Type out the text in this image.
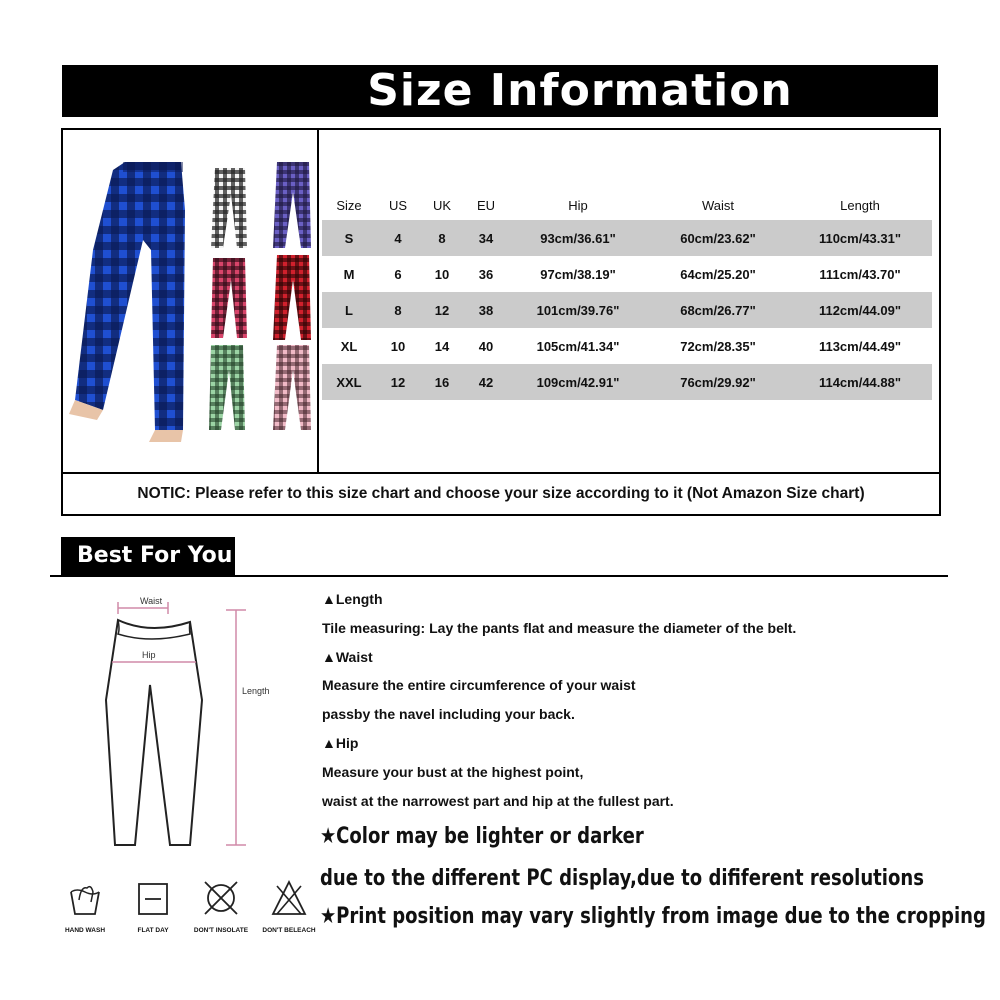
Size Information
NOTIC: Please refer to this size chart and choose your size according to it (Not Amazon Size chart)
Size	US	UK	EU	Hip	Waist	Length
S	4	8	34	93cm/36.61"	60cm/23.62"	110cm/43.31"
M	6	10	36	97cm/38.19"	64cm/25.20"	111cm/43.70"
L	8	12	38	101cm/39.76"	68cm/26.77"	112cm/44.09"
XL	10	14	40	105cm/41.34"	72cm/28.35"	113cm/44.49"
XXL	12	16	42	109cm/42.91"	76cm/29.92"	114cm/44.88"
Best For You
Waist
Hip
Length
HAND WASH	FLAT DAY	DON'T INSOLATE	DON'T BELEACH
▲Length
Tile measuring: Lay the pants flat and measure the diameter of the belt.
▲Waist
Measure the entire circumference of your waist
passby the navel including your back.
▲Hip
Measure your bust at the highest point,
waist at the narrowest part and hip at the fullest part.
★Color may be lighter or darker
due to the different PC display,due to dififerent resolutions
★Print position may vary slightly from image due to the cropping
